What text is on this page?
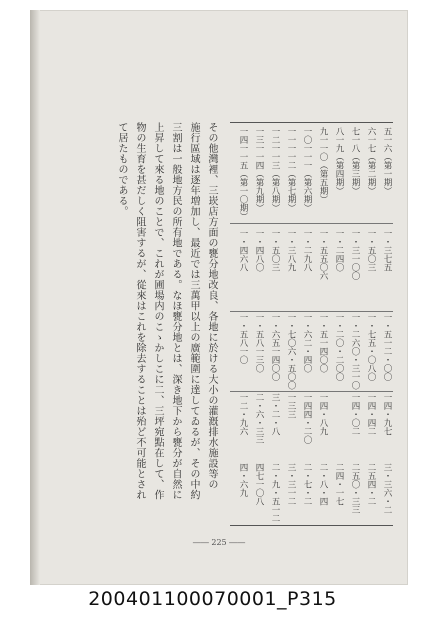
五一六（第一期）
一・三七五
一・五一二・〇〇
一四・九七
三・三六・二
六一七（第二期）
一・五〇三
一・七五・〇八〇
一四・四二
二五四・二
七一八（第三期）
一・三一〇〇
一・二六〇・三一〇
一四・〇二
二五〇・三三
八一九（第四期）
一・二四〇
一・二〇・二〇〇
二四・一七
九一一〇（第五期）
一・五五〇六
一・五一四〇〇
一四・八九
二・八・四
一〇一一一（第六期）
一・二九八
一・六二・四〇
一四四・二〇
二・七・二
一一一一二（第七期）
一・三八九
一・七〇六・五〇〇
一三三
三・三一二
一二一一三（第八期）
一・五〇三
一・六五一四〇〇
三・二・八
二・九・五一二
一三一一四（第九期）
一・四八〇
一・五八一三〇
二・六・三三
四七一〇八
一四一一五（第一〇期）
一・四六八
一・五八一〇
一二・九六
四・六九
その他灣裡、三崁店方面の甕分地改良、各地に於ける大小の灌漑排水施設等の
施行區域は逐年増加し、最近では三萬甲以上の廣範圍に達してゐるが、その中約
三割は一般地方民の所有地である。なほ甕分地とは、深き地下から甕分が自然に
上昇して來る地のことで、これが圃場内のこゝかしこに二、三坪宛點在して、作
物の生育を甚だしく阻害するが、從來はこれを除去することは殆ど不可能とされ
て居たものである。
―― 225 ――
200401100070001_P315
